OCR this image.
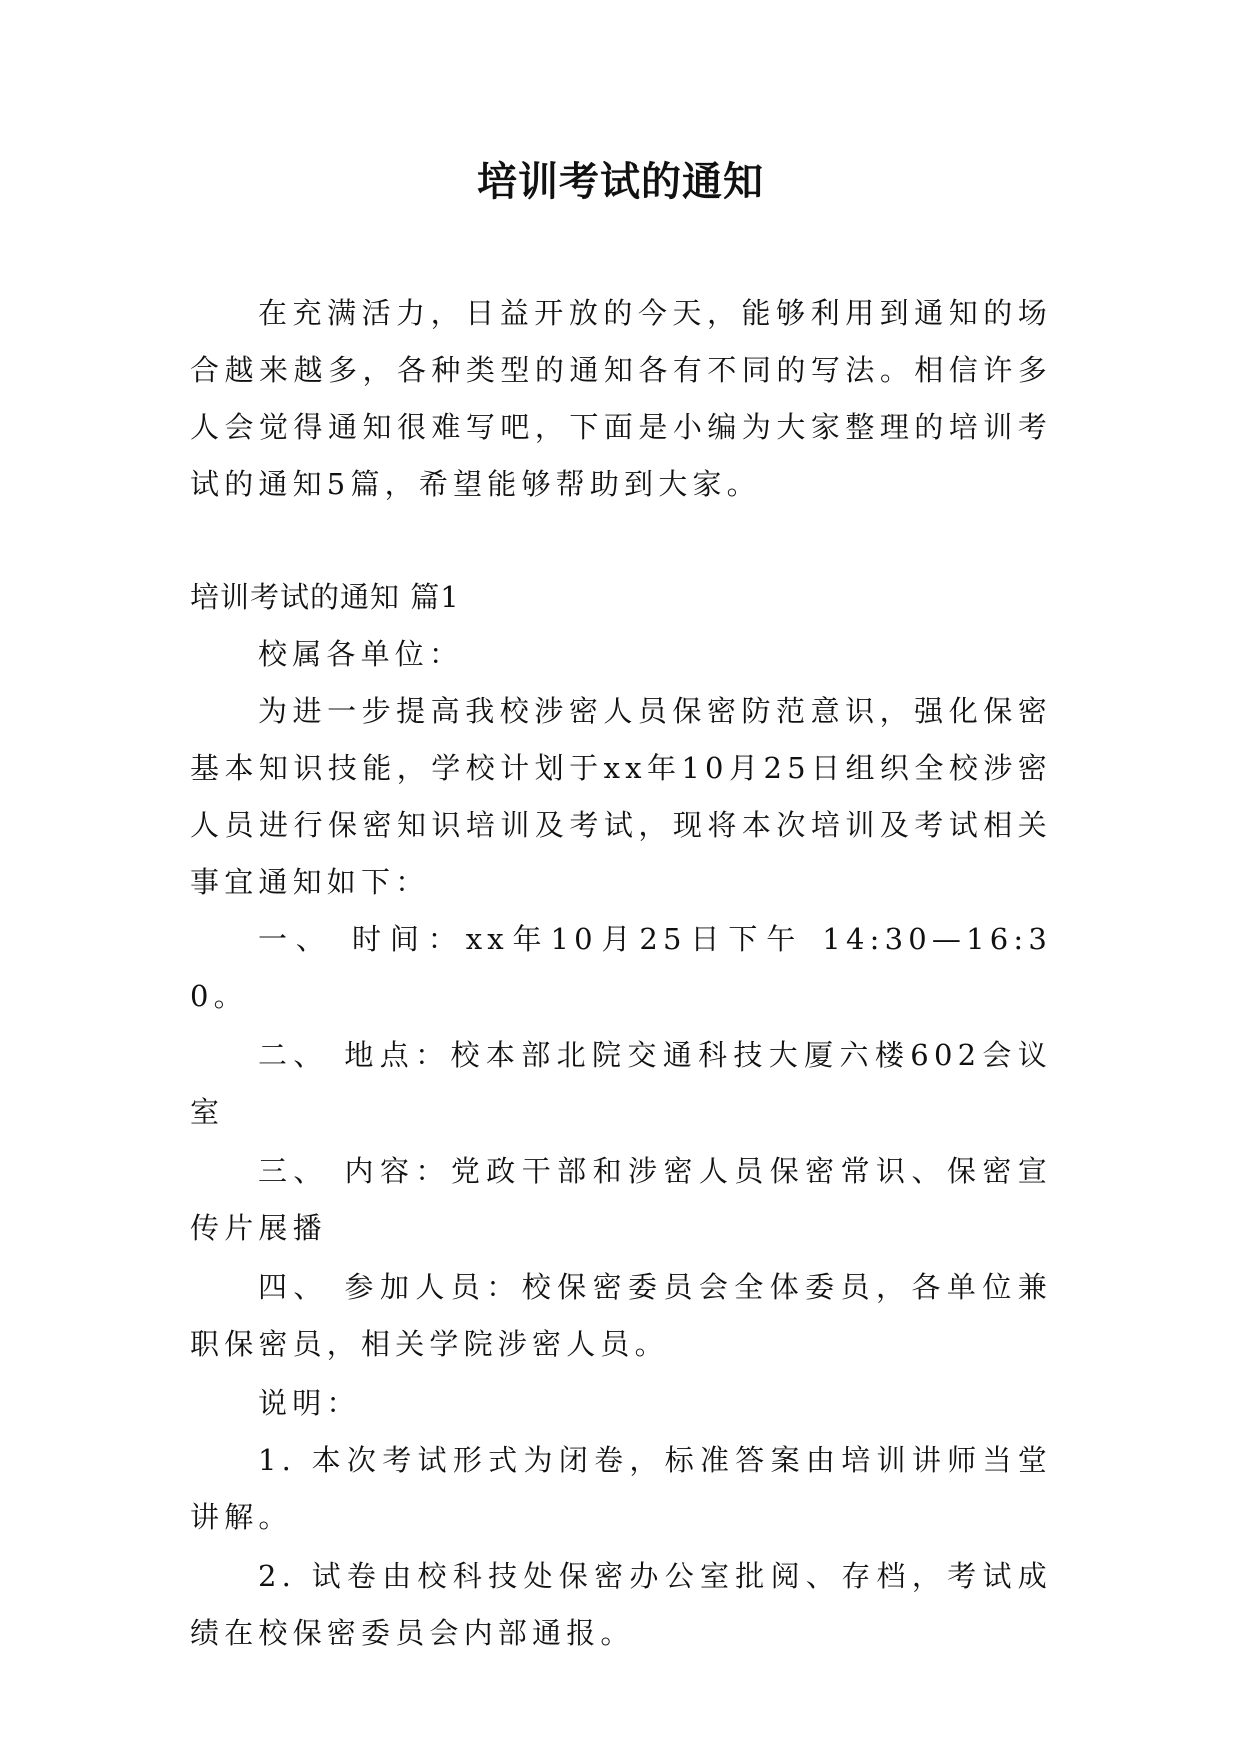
培训考试的通知

在充满活力，日益开放的今天，能够利用到通知的场合越来越多，各种类型的通知各有不同的写法。相信许多人会觉得通知很难写吧，下面是小编为大家整理的培训考试的通知5篇，希望能够帮助到大家。

培训考试的通知 篇1

校属各单位：

为进一步提高我校涉密人员保密防范意识，强化保密基本知识技能，学校计划于xx年10月25日组织全校涉密人员进行保密知识培训及考试，现将本次培训及考试相关事宜通知如下：

一、 时间：xx年10月25日下午 14:30—16:30。

二、 地点：校本部北院交通科技大厦六楼602会议室

三、 内容：党政干部和涉密人员保密常识、保密宣传片展播

四、 参加人员：校保密委员会全体委员，各单位兼职保密员，相关学院涉密人员。

说明：

1. 本次考试形式为闭卷，标准答案由培训讲师当堂讲解。

2. 试卷由校科技处保密办公室批阅、存档，考试成绩在校保密委员会内部通报。
